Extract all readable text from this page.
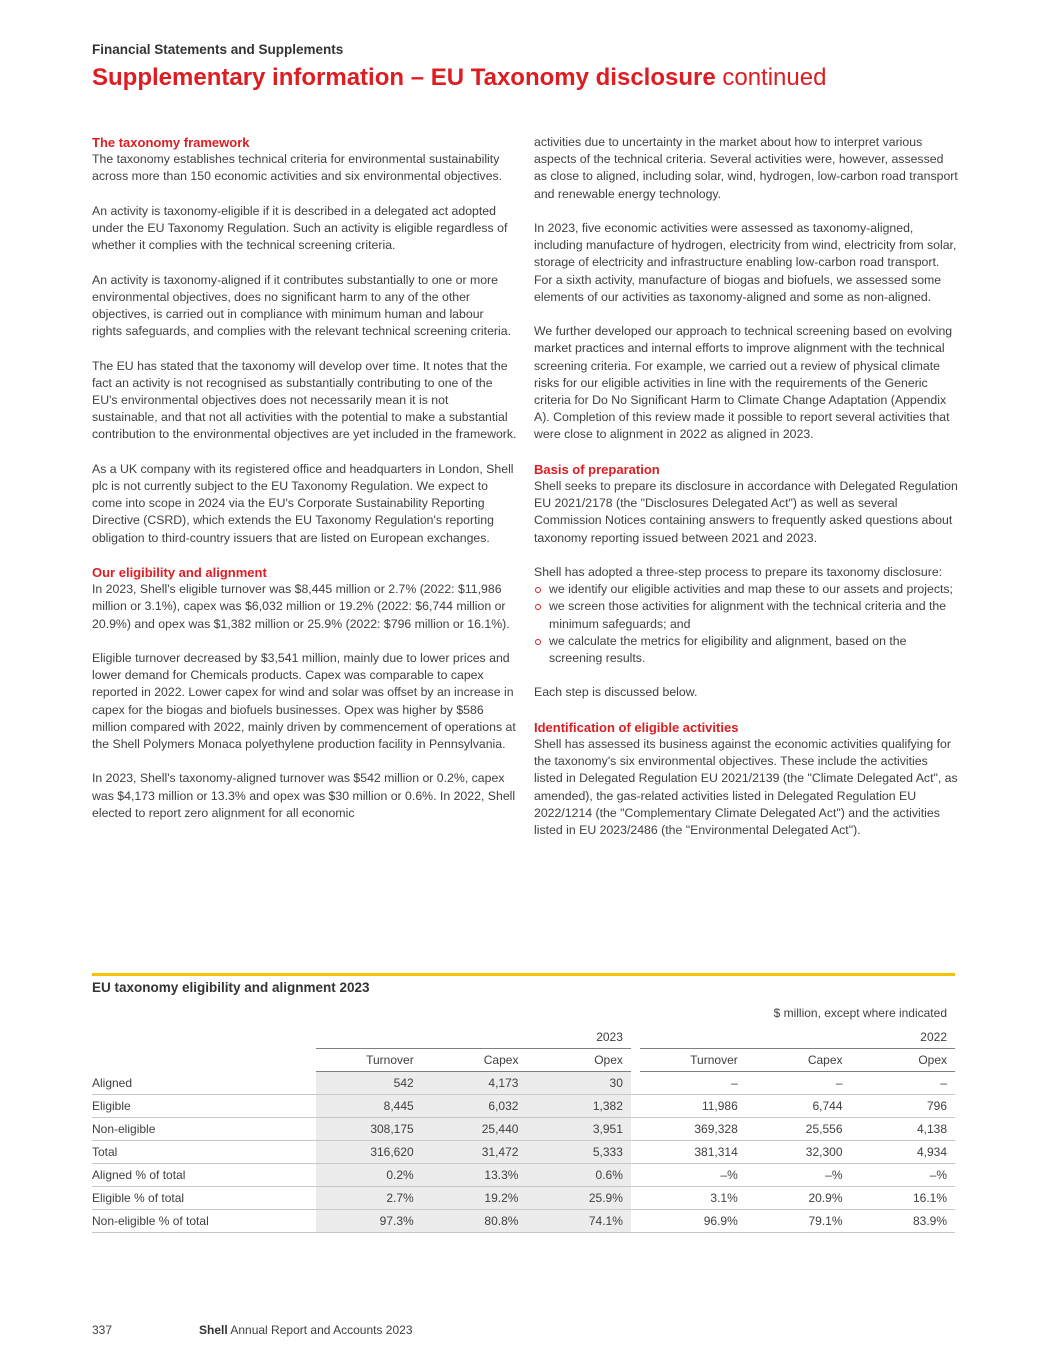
Financial Statements and Supplements
Supplementary information – EU Taxonomy disclosure continued
The taxonomy framework

The taxonomy establishes technical criteria for environmental sustainability across more than 150 economic activities and six environmental objectives.

An activity is taxonomy-eligible if it is described in a delegated act adopted under the EU Taxonomy Regulation. Such an activity is eligible regardless of whether it complies with the technical screening criteria.

An activity is taxonomy-aligned if it contributes substantially to one or more environmental objectives, does no significant harm to any of the other objectives, is carried out in compliance with minimum human and labour rights safeguards, and complies with the relevant technical screening criteria.

The EU has stated that the taxonomy will develop over time. It notes that the fact an activity is not recognised as substantially contributing to one of the EU's environmental objectives does not necessarily mean it is not sustainable, and that not all activities with the potential to make a substantial contribution to the environmental objectives are yet included in the framework.

As a UK company with its registered office and headquarters in London, Shell plc is not currently subject to the EU Taxonomy Regulation. We expect to come into scope in 2024 via the EU's Corporate Sustainability Reporting Directive (CSRD), which extends the EU Taxonomy Regulation's reporting obligation to third-country issuers that are listed on European exchanges.

Our eligibility and alignment

In 2023, Shell's eligible turnover was $8,445 million or 2.7% (2022: $11,986 million or 3.1%), capex was $6,032 million or 19.2% (2022: $6,744 million or 20.9%) and opex was $1,382 million or 25.9% (2022: $796 million or 16.1%).

Eligible turnover decreased by $3,541 million, mainly due to lower prices and lower demand for Chemicals products. Capex was comparable to capex reported in 2022. Lower capex for wind and solar was offset by an increase in capex for the biogas and biofuels businesses. Opex was higher by $586 million compared with 2022, mainly driven by commencement of operations at the Shell Polymers Monaca polyethylene production facility in Pennsylvania.

In 2023, Shell's taxonomy-aligned turnover was $542 million or 0.2%, capex was $4,173 million or 13.3% and opex was $30 million or 0.6%. In 2022, Shell elected to report zero alignment for all economic

activities due to uncertainty in the market about how to interpret various aspects of the technical criteria. Several activities were, however, assessed as close to aligned, including solar, wind, hydrogen, low-carbon road transport and renewable energy technology.

In 2023, five economic activities were assessed as taxonomy-aligned, including manufacture of hydrogen, electricity from wind, electricity from solar, storage of electricity and infrastructure enabling low-carbon road transport. For a sixth activity, manufacture of biogas and biofuels, we assessed some elements of our activities as taxonomy-aligned and some as non-aligned.

We further developed our approach to technical screening based on evolving market practices and internal efforts to improve alignment with the technical screening criteria. For example, we carried out a review of physical climate risks for our eligible activities in line with the requirements of the Generic criteria for Do No Significant Harm to Climate Change Adaptation (Appendix A). Completion of this review made it possible to report several activities that were close to alignment in 2022 as aligned in 2023.

Basis of preparation

Shell seeks to prepare its disclosure in accordance with Delegated Regulation EU 2021/2178 (the "Disclosures Delegated Act") as well as several Commission Notices containing answers to frequently asked questions about taxonomy reporting issued between 2021 and 2023.

Shell has adopted a three-step process to prepare its taxonomy disclosure:

we identify our eligible activities and map these to our assets and projects;
we screen those activities for alignment with the technical criteria and the minimum safeguards; and
we calculate the metrics for eligibility and alignment, based on the screening results.

Each step is discussed below.

Identification of eligible activities

Shell has assessed its business against the economic activities qualifying for the taxonomy's six environmental objectives. These include the activities listed in Delegated Regulation EU 2021/2139 (the "Climate Delegated Act", as amended), the gas-related activities listed in Delegated Regulation EU 2022/1214 (the "Complementary Climate Delegated Act") and the activities listed in EU 2023/2486 (the "Environmental Delegated Act").

EU taxonomy eligibility and alignment 2023
$ million, except where indicated
			2023				2022
	Turnover	Capex	Opex		Turnover	Capex	Opex
Aligned	542	4,173	30		–	–	–
Eligible	8,445	6,032	1,382		11,986	6,744	796
Non-eligible	308,175	25,440	3,951		369,328	25,556	4,138
Total	316,620	31,472	5,333		381,314	32,300	4,934
Aligned % of total	0.2%	13.3%	0.6%		–%	–%	–%
Eligible % of total	2.7%	19.2%	25.9%		3.1%	20.9%	16.1%
Non-eligible % of total	97.3%	80.8%	74.1%		96.9%	79.1%	83.9%
337	Shell Annual Report and Accounts 2023
